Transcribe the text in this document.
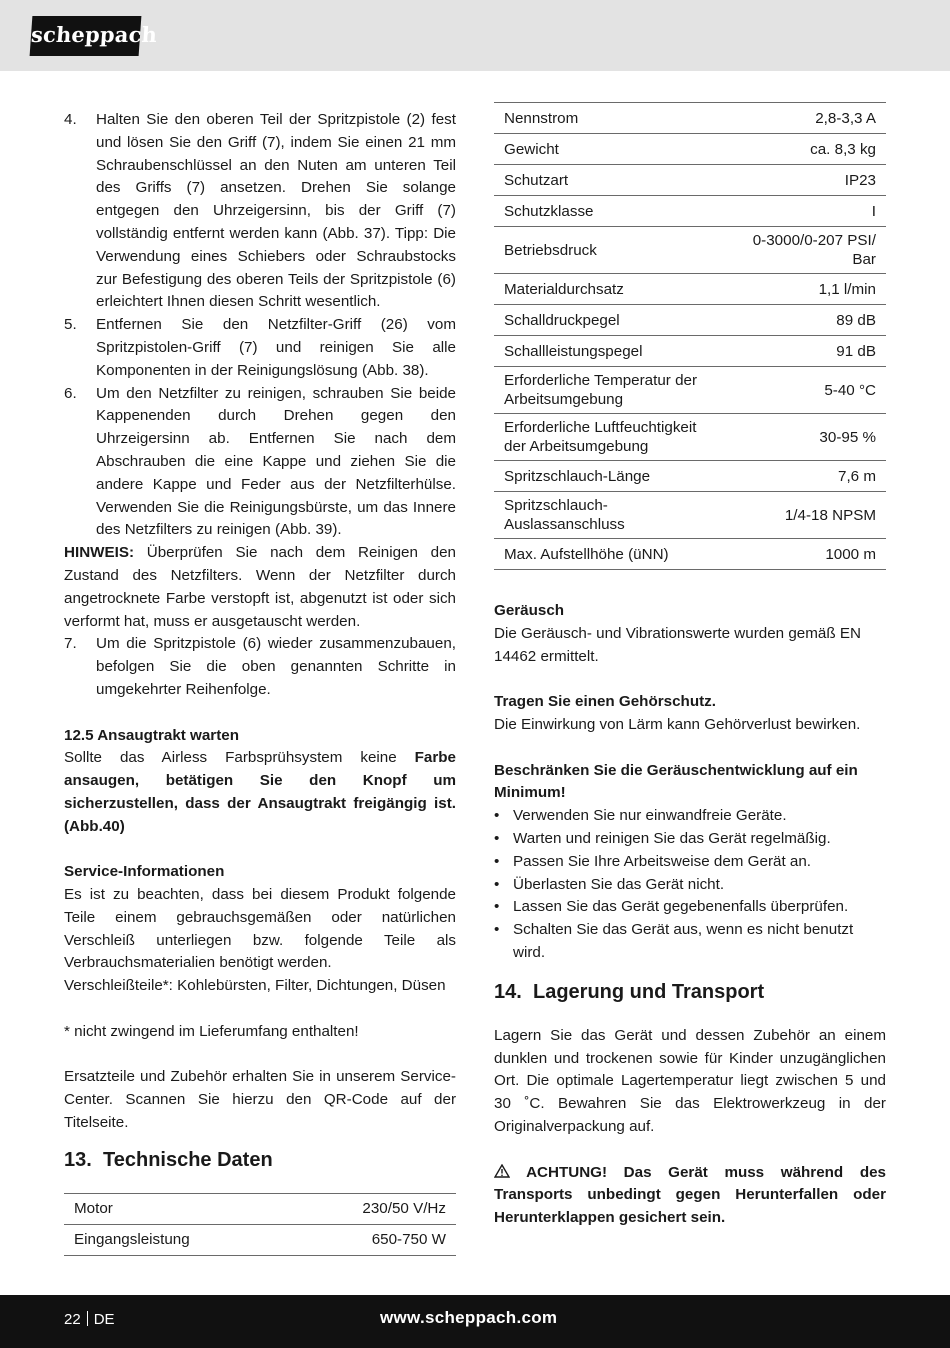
scheppach
4.	Halten Sie den oberen Teil der Spritzpistole (2) fest und lösen Sie den Griff (7), indem Sie einen 21 mm Schraubenschlüssel an den Nuten am unteren Teil des Griffs (7) ansetzen. Drehen Sie solange entgegen den Uhrzeigersinn, bis der Griff (7) vollständig entfernt werden kann (Abb. 37). Tipp: Die Verwendung eines Schiebers oder Schraubstocks zur Befestigung des oberen Teils der Spritzpistole (6) erleichtert Ihnen diesen Schritt wesentlich.
5.	Entfernen Sie den Netzfilter-Griff (26) vom Spritzpistolen-Griff (7) und reinigen Sie alle Komponenten in der Reinigungslösung (Abb. 38).
6.	Um den Netzfilter zu reinigen, schrauben Sie beide Kappenenden durch Drehen gegen den Uhrzeigersinn ab. Entfernen Sie nach dem Abschrauben die eine Kappe und ziehen Sie die andere Kappe und Feder aus der Netzfilterhülse. Verwenden Sie die Reinigungsbürste, um das Innere des Netzfilters zu reinigen (Abb. 39).

HINWEIS: Überprüfen Sie nach dem Reinigen den Zustand des Netzfilters. Wenn der Netzfilter durch angetrocknete Farbe verstopft ist, abgenutzt ist oder sich verformt hat, muss er ausgetauscht werden.

7.	Um die Spritzpistole (6) wieder zusammenzubauen, befolgen Sie die oben genannten Schritte in umgekehrter Reihenfolge.

12.5 Ansaugtrakt warten

Sollte das Airless Farbsprühsystem keine Farbe ansaugen, betätigen Sie den Knopf um sicherzustellen, dass der Ansaugtrakt freigängig ist. (Abb.40)

Service-Informationen

Es ist zu beachten, dass bei diesem Produkt folgende Teile einem gebrauchsgemäßen oder natürlichen Verschleiß unterliegen bzw. folgende Teile als Verbrauchsmaterialien benötigt werden.

Verschleißteile*: Kohlebürsten, Filter, Dichtungen, Düsen

* nicht zwingend im Lieferumfang enthalten!

Ersatzteile und Zubehör erhalten Sie in unserem Service-Center. Scannen Sie hierzu den QR-Code auf der Titelseite.

13. Technische Daten
Motor	230/50 V/Hz
Eingangsleistung	650-750 W
Nennstrom	2,8-3,3 A
Gewicht	ca. 8,3 kg
Schutzart	IP23
Schutzklasse	I
Betriebsdruck	0-3000/0-207 PSI/ Bar
Materialdurchsatz	1,1 l/min
Schalldruckpegel	89 dB
Schallleistungspegel	91 dB
Erforderliche Temperatur der Arbeitsumgebung	5-40 °C
Erforderliche Luftfeuchtigkeit der Arbeitsumgebung	30-95 %
Spritzschlauch-Länge	7,6 m
Spritzschlauch-Auslassanschluss	1/4-18 NPSM
Max. Aufstellhöhe (üNN)	1000 m

Geräusch

Die Geräusch- und Vibrationswerte wurden gemäß EN 14462 ermittelt.

Tragen Sie einen Gehörschutz.

Die Einwirkung von Lärm kann Gehörverlust bewirken.

Beschränken Sie die Geräuschentwicklung auf ein Minimum!

• Verwenden Sie nur einwandfreie Geräte.
• Warten und reinigen Sie das Gerät regelmäßig.
• Passen Sie Ihre Arbeitsweise dem Gerät an.
• Überlasten Sie das Gerät nicht.
• Lassen Sie das Gerät gegebenenfalls überprüfen.
• Schalten Sie das Gerät aus, wenn es nicht benutzt wird.
14. Lagerung und Transport

Lagern Sie das Gerät und dessen Zubehör an einem dunklen und trockenen sowie für Kinder unzugänglichen Ort. Die optimale Lagertemperatur liegt zwischen 5 und 30 ˚C. Bewahren Sie das Elektrowerkzeug in der Originalverpackung auf.

ACHTUNG! Das Gerät muss während des Transports unbedingt gegen Herunterfallen oder Herunterklappen gesichert sein.

22 DE	www.scheppach.com
